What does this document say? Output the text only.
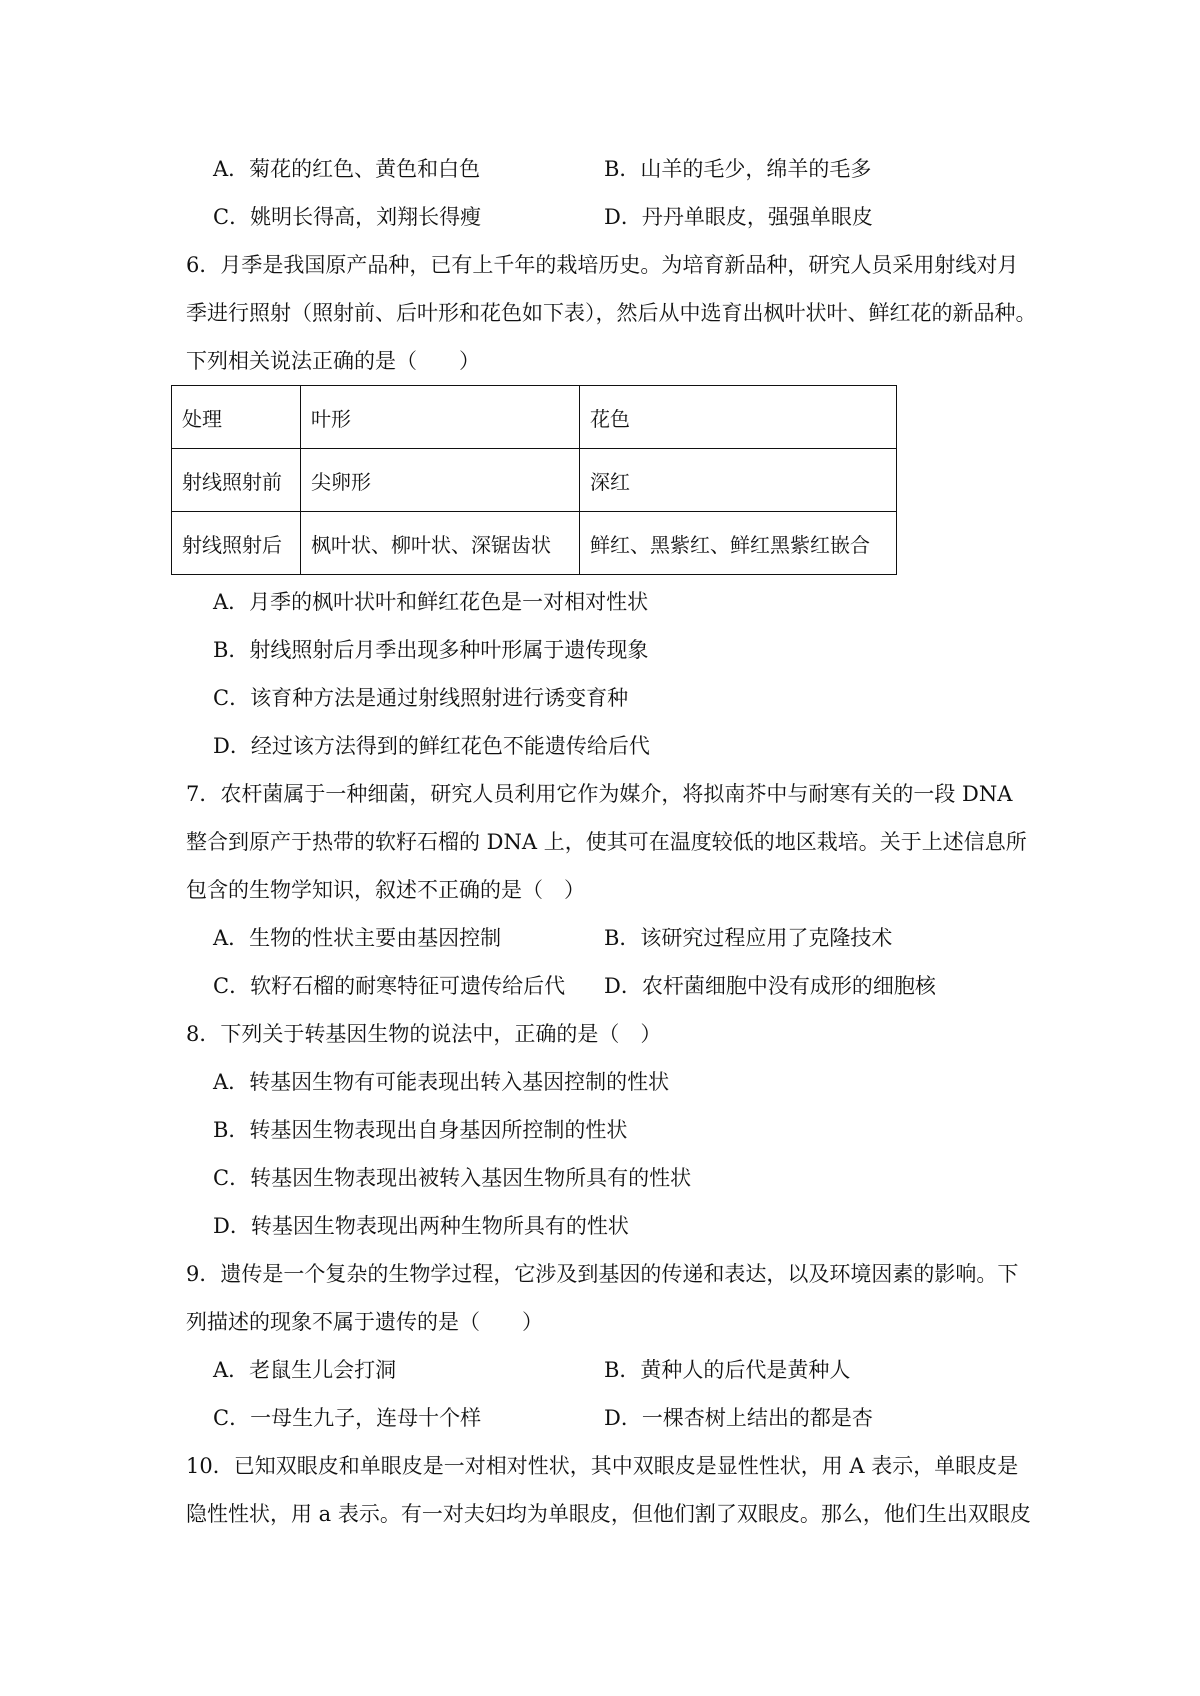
A．菊花的红色、黄色和白色	B．山羊的毛少，绵羊的毛多
C．姚明长得高，刘翔长得瘦	D．丹丹单眼皮，强强单眼皮
6．月季是我国原产品种，已有上千年的栽培历史。为培育新品种，研究人员采用射线对月
季进行照射（照射前、后叶形和花色如下表），然后从中选育出枫叶状叶、鲜红花的新品种。
下列相关说法正确的是（　　）
处理	叶形	花色
射线照射前	尖卵形	深红
射线照射后	枫叶状、柳叶状、深锯齿状	鲜红、黑紫红、鲜红黑紫红嵌合
A．月季的枫叶状叶和鲜红花色是一对相对性状
B．射线照射后月季出现多种叶形属于遗传现象
C．该育种方法是通过射线照射进行诱变育种
D．经过该方法得到的鲜红花色不能遗传给后代
7．农杆菌属于一种细菌，研究人员利用它作为媒介，将拟南芥中与耐寒有关的一段 DNA
整合到原产于热带的软籽石榴的 DNA 上，使其可在温度较低的地区栽培。关于上述信息所
包含的生物学知识，叙述不正确的是（　）
A．生物的性状主要由基因控制	B．该研究过程应用了克隆技术
C．软籽石榴的耐寒特征可遗传给后代 D．农杆菌细胞中没有成形的细胞核
8．下列关于转基因生物的说法中，正确的是（　）
A．转基因生物有可能表现出转入基因控制的性状
B．转基因生物表现出自身基因所控制的性状
C．转基因生物表现出被转入基因生物所具有的性状
D．转基因生物表现出两种生物所具有的性状
9．遗传是一个复杂的生物学过程，它涉及到基因的传递和表达，以及环境因素的影响。下
列描述的现象不属于遗传的是（　　）
A．老鼠生儿会打洞	B．黄种人的后代是黄种人
C．一母生九子，连母十个样	D．一棵杏树上结出的都是杏
10．已知双眼皮和单眼皮是一对相对性状，其中双眼皮是显性性状，用 A 表示，单眼皮是
隐性性状，用 a 表示。有一对夫妇均为单眼皮，但他们割了双眼皮。那么，他们生出双眼皮
